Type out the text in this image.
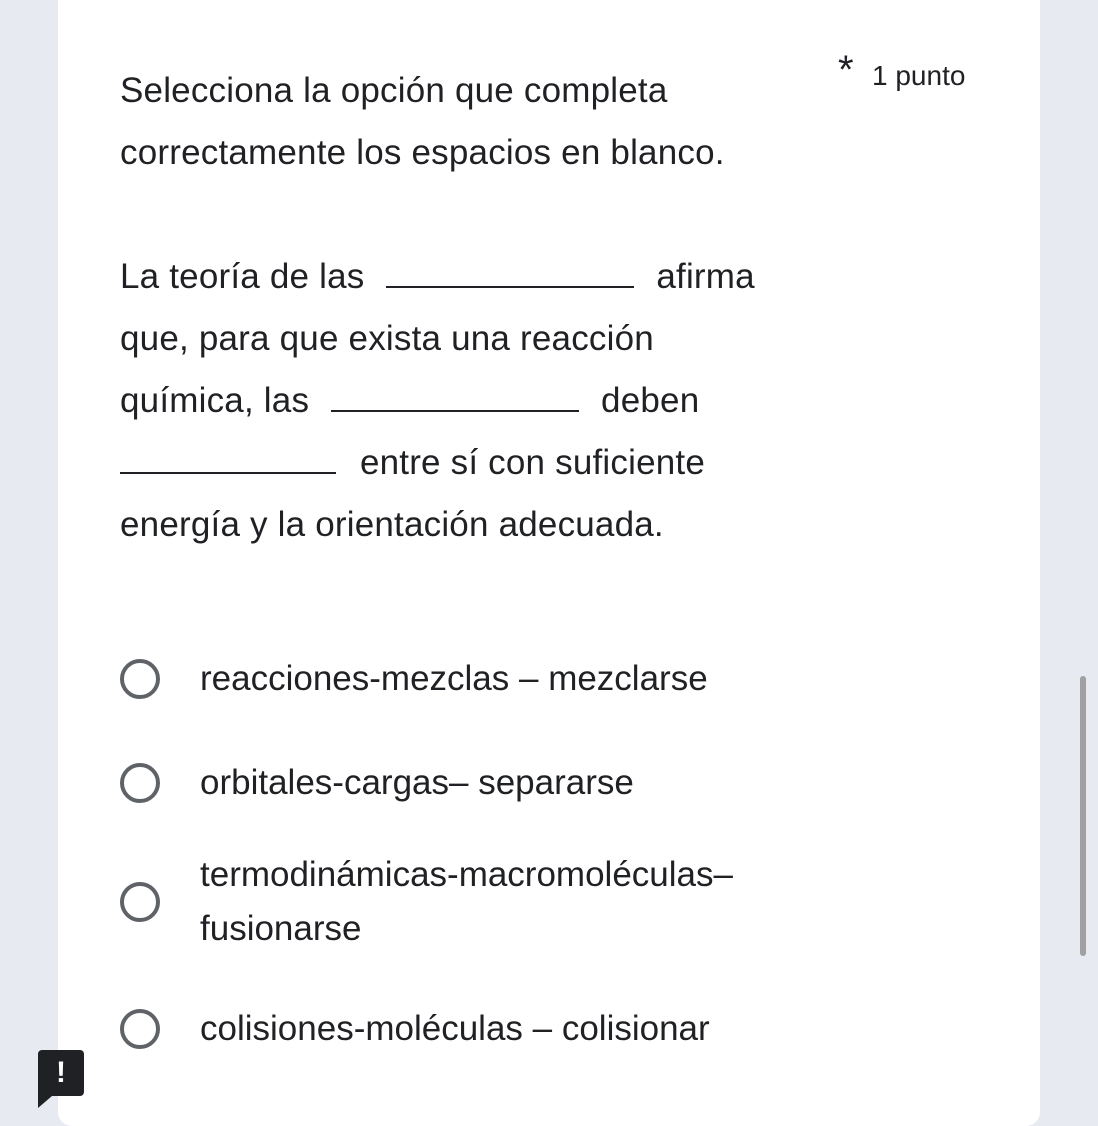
Selecciona la opción que completa
correctamente los espacios en blanco.
La teoría de las	afirma
que, para que exista una reacción
química, las	deben
entre sí con suficiente
energía y la orientación adecuada.
* 1 punto
reacciones-mezclas – mezclarse
orbitales-cargas– separarse
termodinámicas-macromoléculas–
fusionarse
colisiones-moléculas – colisionar
!
